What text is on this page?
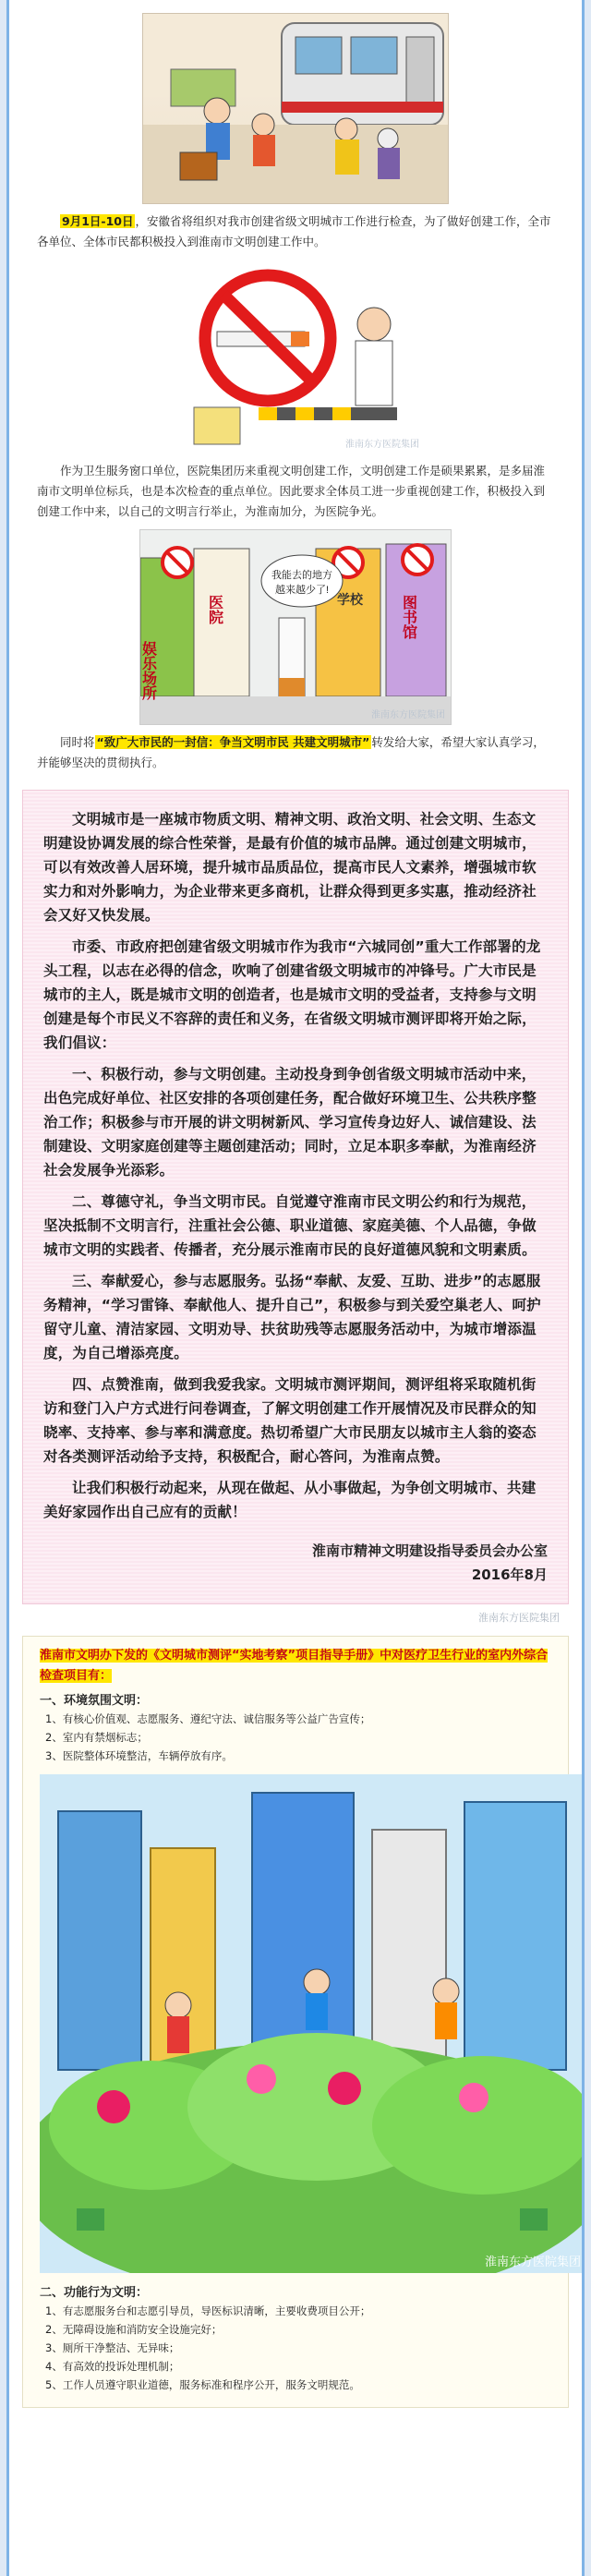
9月1日-10日 ，安徽省将组织对我市创建省级文明城市工作进行检查，为了做好创建工作，全市各单位、全体市民都积极投入到淮南市文明创建工作中。

淮南东方医院集团

作为卫生服务窗口单位，医院集团历来重视文明创建工作，文明创建工作是硕果累累，是多届淮南市文明单位标兵，也是本次检查的重点单位。因此要求全体员工进一步重视创建工作，积极投入到创建工作中来，以自己的文明言行举止，为淮南加分，为医院争光。

娱乐场所
医院	学校	图书馆
我能去的地方
越来越少了!
淮南东方医院集团

同时将 “致广大市民的一封信：争当文明市民 共建文明城市” 转发给大家，希望大家认真学习，并能够坚决的贯彻执行。

文明城市是一座城市物质文明、精神文明、政治文明、社会文明、生态文明建设协调发展的综合性荣誉，是最有价值的城市品牌。通过创建文明城市，可以有效改善人居环境，提升城市品质品位，提高市民人文素养，增强城市软实力和对外影响力，为企业带来更多商机，让群众得到更多实惠，推动经济社会又好又快发展。

市委、市政府把创建省级文明城市作为我市“六城同创”重大工作部署的龙头工程，以志在必得的信念，吹响了创建省级文明城市的冲锋号。广大市民是城市的主人，既是城市文明的创造者，也是城市文明的受益者，支持参与文明创建是每个市民义不容辞的责任和义务，在省级文明城市测评即将开始之际，我们倡议：

一、积极行动，参与文明创建。主动投身到争创省级文明城市活动中来，出色完成好单位、社区安排的各项创建任务，配合做好环境卫生、公共秩序整治工作；积极参与市开展的讲文明树新风、学习宣传身边好人、诚信建设、法制建设、文明家庭创建等主题创建活动；同时，立足本职多奉献，为淮南经济社会发展争光添彩。

二、尊德守礼，争当文明市民。自觉遵守淮南市民文明公约和行为规范，坚决抵制不文明言行，注重社会公德、职业道德、家庭美德、个人品德，争做城市文明的实践者、传播者，充分展示淮南市民的良好道德风貌和文明素质。

三、奉献爱心，参与志愿服务。弘扬“奉献、友爱、互助、进步”的志愿服务精神，“学习雷锋、奉献他人、提升自己”，积极参与到关爱空巢老人、呵护留守儿童、清洁家园、文明劝导、扶贫助残等志愿服务活动中，为城市增添温度，为自己增添亮度。

四、点赞淮南，做到我爱我家。文明城市测评期间，测评组将采取随机街访和登门入户方式进行问卷调查，了解文明创建工作开展情况及市民群众的知晓率、支持率、参与率和满意度。热切希望广大市民朋友以城市主人翁的姿态对各类测评活动给予支持，积极配合，耐心答问，为淮南点赞。

让我们积极行动起来，从现在做起、从小事做起，为争创文明城市、共建美好家园作出自己应有的贡献！

淮南市精神文明建设指导委员会办公室
2016年8月
淮南东方医院集团
淮南市文明办下发的《文明城市测评“实地考察”项目指导手册》中对医疗卫生行业的室内外综合检查项目有：
一、环境氛围文明：
1、有核心价值观、志愿服务、遵纪守法、诚信服务等公益广告宣传；
2、室内有禁烟标志；
3、医院整体环境整洁，车辆停放有序。
淮南东方医院集团
二、功能行为文明：
1、有志愿服务台和志愿引导员，导医标识清晰，主要收费项目公开；
2、无障碍设施和消防安全设施完好；
3、厕所干净整洁、无异味；
4、有高效的投诉处理机制；
5、工作人员遵守职业道德，服务标准和程序公开，服务文明规范。
